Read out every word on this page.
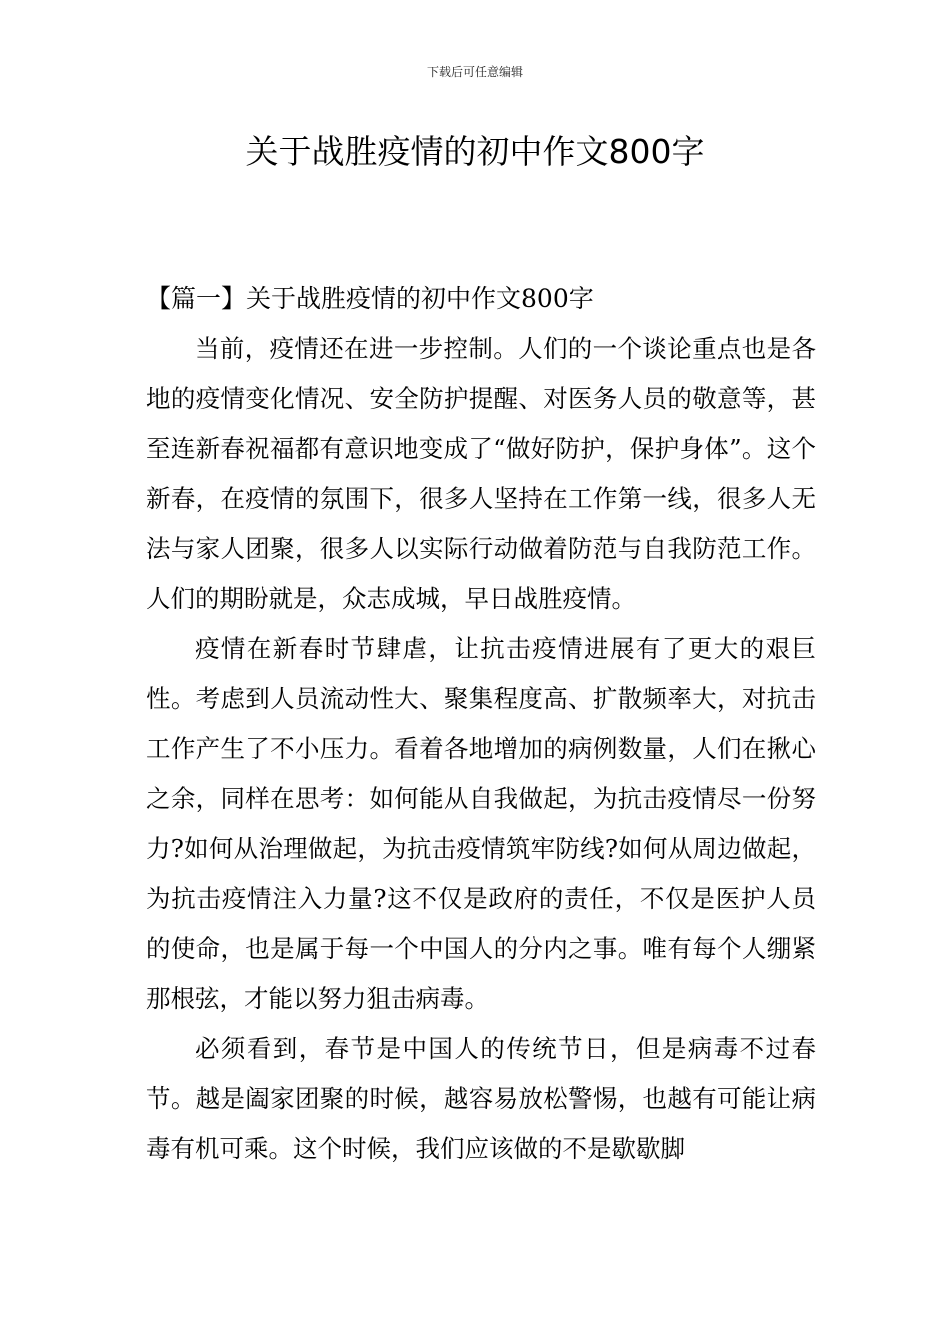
下载后可任意编辑
关于战胜疫情的初中作文800字
【篇一】关于战胜疫情的初中作文800字

当前，疫情还在进一步控制。人们的一个谈论重点也是各地的疫情变化情况、安全防护提醒、对医务人员的敬意等，甚至连新春祝福都有意识地变成了“做好防护，保护身体”。这个新春，在疫情的氛围下，很多人坚持在工作第一线，很多人无法与家人团聚，很多人以实际行动做着防范与自我防范工作。人们的期盼就是，众志成城，早日战胜疫情。

疫情在新春时节肆虐，让抗击疫情进展有了更大的艰巨性。考虑到人员流动性大、聚集程度高、扩散频率大，对抗击工作产生了不小压力。看着各地增加的病例数量，人们在揪心之余，同样在思考：如何能从自我做起，为抗击疫情尽一份努力?如何从治理做起，为抗击疫情筑牢防线?如何从周边做起，为抗击疫情注入力量?这不仅是政府的责任，不仅是医护人员的使命，也是属于每一个中国人的分内之事。唯有每个人绷紧那根弦，才能以努力狙击病毒。

必须看到，春节是中国人的传统节日，但是病毒不过春节。越是阖家团聚的时候，越容易放松警惕，也越有可能让病毒有机可乘。这个时候，我们应该做的不是歇歇脚
